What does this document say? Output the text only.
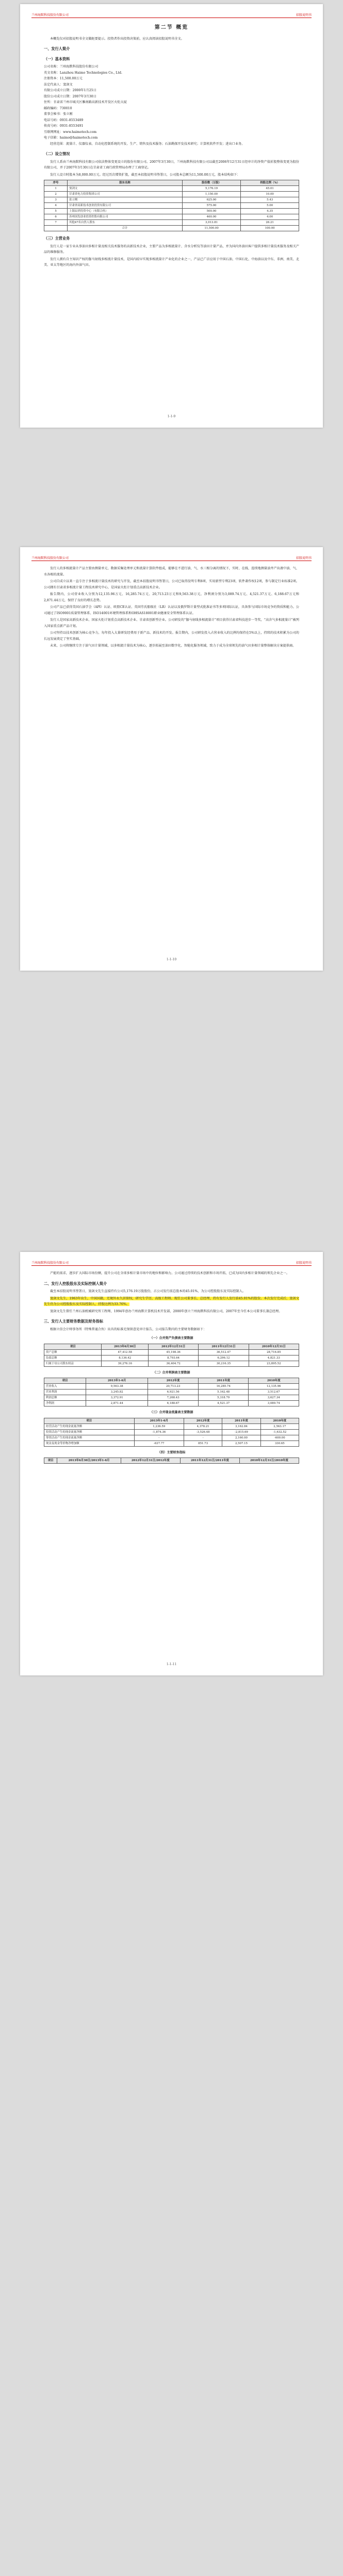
兰州海默科技股份有限公司	招股说明书
第二节 概览

本概览仅对招股说明书全文做扼要提示。投资者作出投资决策前，应认真阅读招股说明书全文。

一、发行人简介
（一）基本资料

公司名称：兰州海默科技股份有限公司

英文名称：Lanzhou Haimo Technologies Co., Ltd.

注册资本：11,500.00万元

法定代表人：窦剑文

有限公司成立日期：2000年1月25日

股份公司成立日期：2007年3月30日

住所：甘肃省兰州市城关区雁南路高新技术开发区火炬大厦

邮政编码：730010

董事会秘书：张立刚

电话号码：0931-8553489

传真号码：0931-8553491

互联网网址：www.haimotech.com

电子信箱：haimo@haimotech.com

经营范围：流量计、仪器仪表、自动化控制系统的开发、生产、销售及技术服务；石油勘探开发技术研究；计算机软件开发；进出口业务。

（二）设立情况

发行人系由兰州海默科技有限公司依法整体变更设立的股份有限公司。2007年3月30日，兰州海默科技有限公司以截至2006年12月31日经审计的净资产值折股整体变更为股份有限公司，并于2007年3月30日在甘肃省工商行政管理局办理了工商登记。

发行人设立时股本为8,000.00万元。经过历次增资扩股，截至本招股说明书签署日，公司股本总额为11,500.00万元，股本结构如下：

序号	股东名称	股份数（万股）	持股比例（%）
1	窦剑文	5,176.19	45.01
2	甘肃省电力投资集团公司	1,150.00	10.00
3	张立刚	625.00	5.43
4	甘肃省高新技术创业投资有限公司	575.00	5.00
5	上海辰祥投资中心（有限合伙）	500.00	4.35
6	苏州国发创业投资控股有限公司	460.00	4.00
7	其他47名自然人股东	3,013.81	26.21
	合计	11,500.00	100.00
（三）主营业务

发行人是一家专业从事油田多相计量及相关技术服务的高新技术企业，主要产品为多相流量计、含水分析仪等油田计量产品，并为国内外油田客户提供多相计量技术服务及相关产品的维修服务。

发行人拥有自主知识产权的伽马射线多相流计量技术，是国内较早实现多相流量计产业化的企业之一，产品已广泛应用于中国石油、中国石化、中海油以及中东、非洲、南美、北美、亚太等地区的海内外油气田。

1-1-9
兰州海默科技股份有限公司	招股说明书

发行人的多相流量计产品主要由测量单元、数据采集处理单元和流量计算软件组成，能够在不进行油、气、水三相分离的情况下，实时、在线、连续地测量油井产出液中油、气、水各相的流量。

公司自成立以来一直专注于多相流计量技术的研究与开发，截至本招股说明书签署日，公司已取得发明专利8项、实用新型专利23项、软件著作权12项，参与制定行业标准2项。公司拥有甘肃省多相流计量工程技术研究中心，是国家火炬计划重点高新技术企业。

报告期内，公司营业收入分别为12,135.96万元、16,285.74万元、20,713.23万元和9,563.38万元，净利润分别为3,089.74万元、4,521.37万元、6,188.67万元和2,871.44万元，保持了良好的增长态势。

公司产品已获得美国石油学会（API）认证、欧盟CE认证、英国劳氏船级社（LR）认证以及俄罗斯计量型式批准证书等多项国际认证，具备参与国际市场竞争的资质和能力。公司通过了ISO9001质量管理体系、ISO14001环境管理体系和OHSAS18001职业健康安全管理体系认证。

发行人是国家高新技术企业、国家火炬计划重点高新技术企业、甘肃省创新型企业。公司研发的“伽马射线多相流量计”项目获得甘肃省科技进步一等奖，“高含气多相流量计”被列入国家重点新产品计划。

公司坚持以技术创新为核心竞争力，每年投入大量研发经费用于新产品、新技术的开发。报告期内，公司研发投入占营业收入的比例均保持在5%以上，持续的技术积累为公司的长远发展奠定了坚实基础。

未来，公司将继续专注于油气田计量领域，以多相流计量技术为核心，逐步拓展至油田数字化、智能化服务领域，致力于成为全球领先的油气田多相计量整体解决方案提供商。

1-1-10
兰州海默科技股份有限公司	招股说明书

产能的需求，逐步扩大国际市场份额，提升公司在全球多相计量市场中的地位和影响力。公司通过持续的技术创新和市场开拓，已成为国内多相计量领域的领先企业之一。

二、发行人控股股东及实际控制人简介

截至本招股说明书签署日，窦剑文先生直接持有公司5,176.19万股股份，占公司发行前总股本的45.01%，为公司控股股东及实际控制人。

窦剑文先生，1963年出生，中国国籍，无境外永久居留权，研究生学历，高级工程师。现任公司董事长、总经理，持有发行人发行前45.01%的股份。本次发行完成后，窦剑文先生仍为公司控股股东及实际控制人，持股比例为33.76%。

窦剑文先生曾任兰州石油机械研究所工程师，1994年创办兰州海默计算机技术开发部，2000年创立兰州海默科技有限公司，2007年至今任本公司董事长兼总经理。

三、发行人主要财务数据及财务指标

根据立信会计师事务所（特殊普通合伙）出具的标准无保留意见审计报告，公司报告期内的主要财务数据如下：

（一）合并资产负债表主要数据
项目	2013年6月30日	2012年12月31日	2011年12月31日	2010年12月31日
资产总额	47,412.58	45,198.36	36,512.47	28,716.85
负债总额	8,136.42	8,793.64	6,296.12	4,821.33
归属于母公司股东权益	39,276.16	36,404.72	30,216.35	23,895.52
（二）合并利润表主要数据
项目	2013年1-6月	2012年度	2011年度	2010年度
营业收入	9,563.38	20,713.23	16,285.74	12,135.96
营业利润	3,245.82	6,921.56	5,162.48	3,512.67
利润总额	3,372.91	7,268.43	5,318.79	3,627.34
净利润	2,871.44	6,188.67	4,521.37	3,089.74
（三）合并现金流量表主要数据
项目	2013年1-6月	2012年度	2011年度	2010年度
经营活动产生的现金流量净额	1,236.59	4,378.21	3,162.84	2,563.17
投资活动产生的现金流量净额	-1,874.36	-3,526.48	-2,815.69	-1,632.52
筹资活动产生的现金流量净额	-	-	2,160.00	-600.00
现金及现金等价物净增加额	-637.77	851.73	2,507.15	330.65
（四）主要财务指标
项目	2013年6月30日/2013年1-6月	2012年12月31日/2012年度	2011年12月31日/2011年度	2010年12月31日/2010年度
1-1-11
